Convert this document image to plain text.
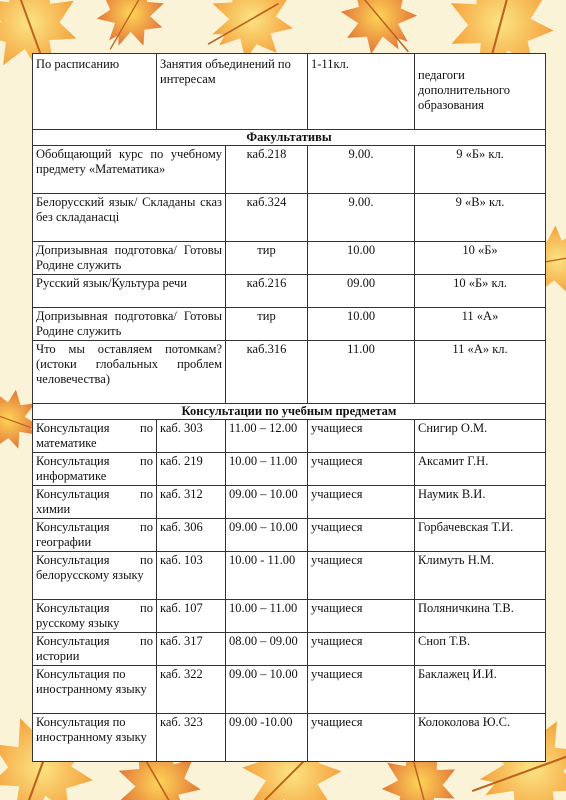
По расписанию	Занятия объединений по интересам		1-11кл.	педагоги дополнительного образования	
Факультативы					
Обобщающий курс по учебному предмету «Математика»		каб.218	9.00.	9 «Б» кл.	
Белорусский язык/ Складаны сказ без складанасці		каб.324	9.00.	9 «В» кл.	
Допризывная подготовка/ Готовы Родине служить		тир	10.00	10 «Б»	
Русский язык/Культура речи		каб.216	09.00	10 «Б» кл.	
Допризывная подготовка/ Готовы Родине служить		тир	10.00	11 «А»	
Что мы оставляем потомкам? (истоки глобальных проблем человечества)		каб.316	11.00	11 «А» кл.	
Консультации по учебным предметам					
Консультация по математике	каб. 303	11.00 – 12.00	учащиеся	Снигир О.М.	
Консультация по информатике	каб. 219	10.00 – 11.00	учащиеся	Аксамит Г.Н.	
Консультация по химии	каб. 312	09.00 – 10.00	учащиеся	Наумик В.И.	
Консультация по географии	каб. 306	09.00 – 10.00	учащиеся	Горбачевская Т.И.	
Консультация по белорусскому языку	каб. 103	10.00 - 11.00	учащиеся	Климуть Н.М.	
Консультация по русскому языку	каб. 107	10.00 – 11.00	учащиеся	Поляничкина Т.В.	
Консультация по истории	каб. 317	08.00 – 09.00	учащиеся	Сноп Т.В.	
Консультация по иностранному языку	каб. 322	09.00 – 10.00	учащиеся	Баклажец И.И.	
Консультация по иностранному языку	каб. 323	09.00 -10.00	учащиеся	Колоколова Ю.С.	
